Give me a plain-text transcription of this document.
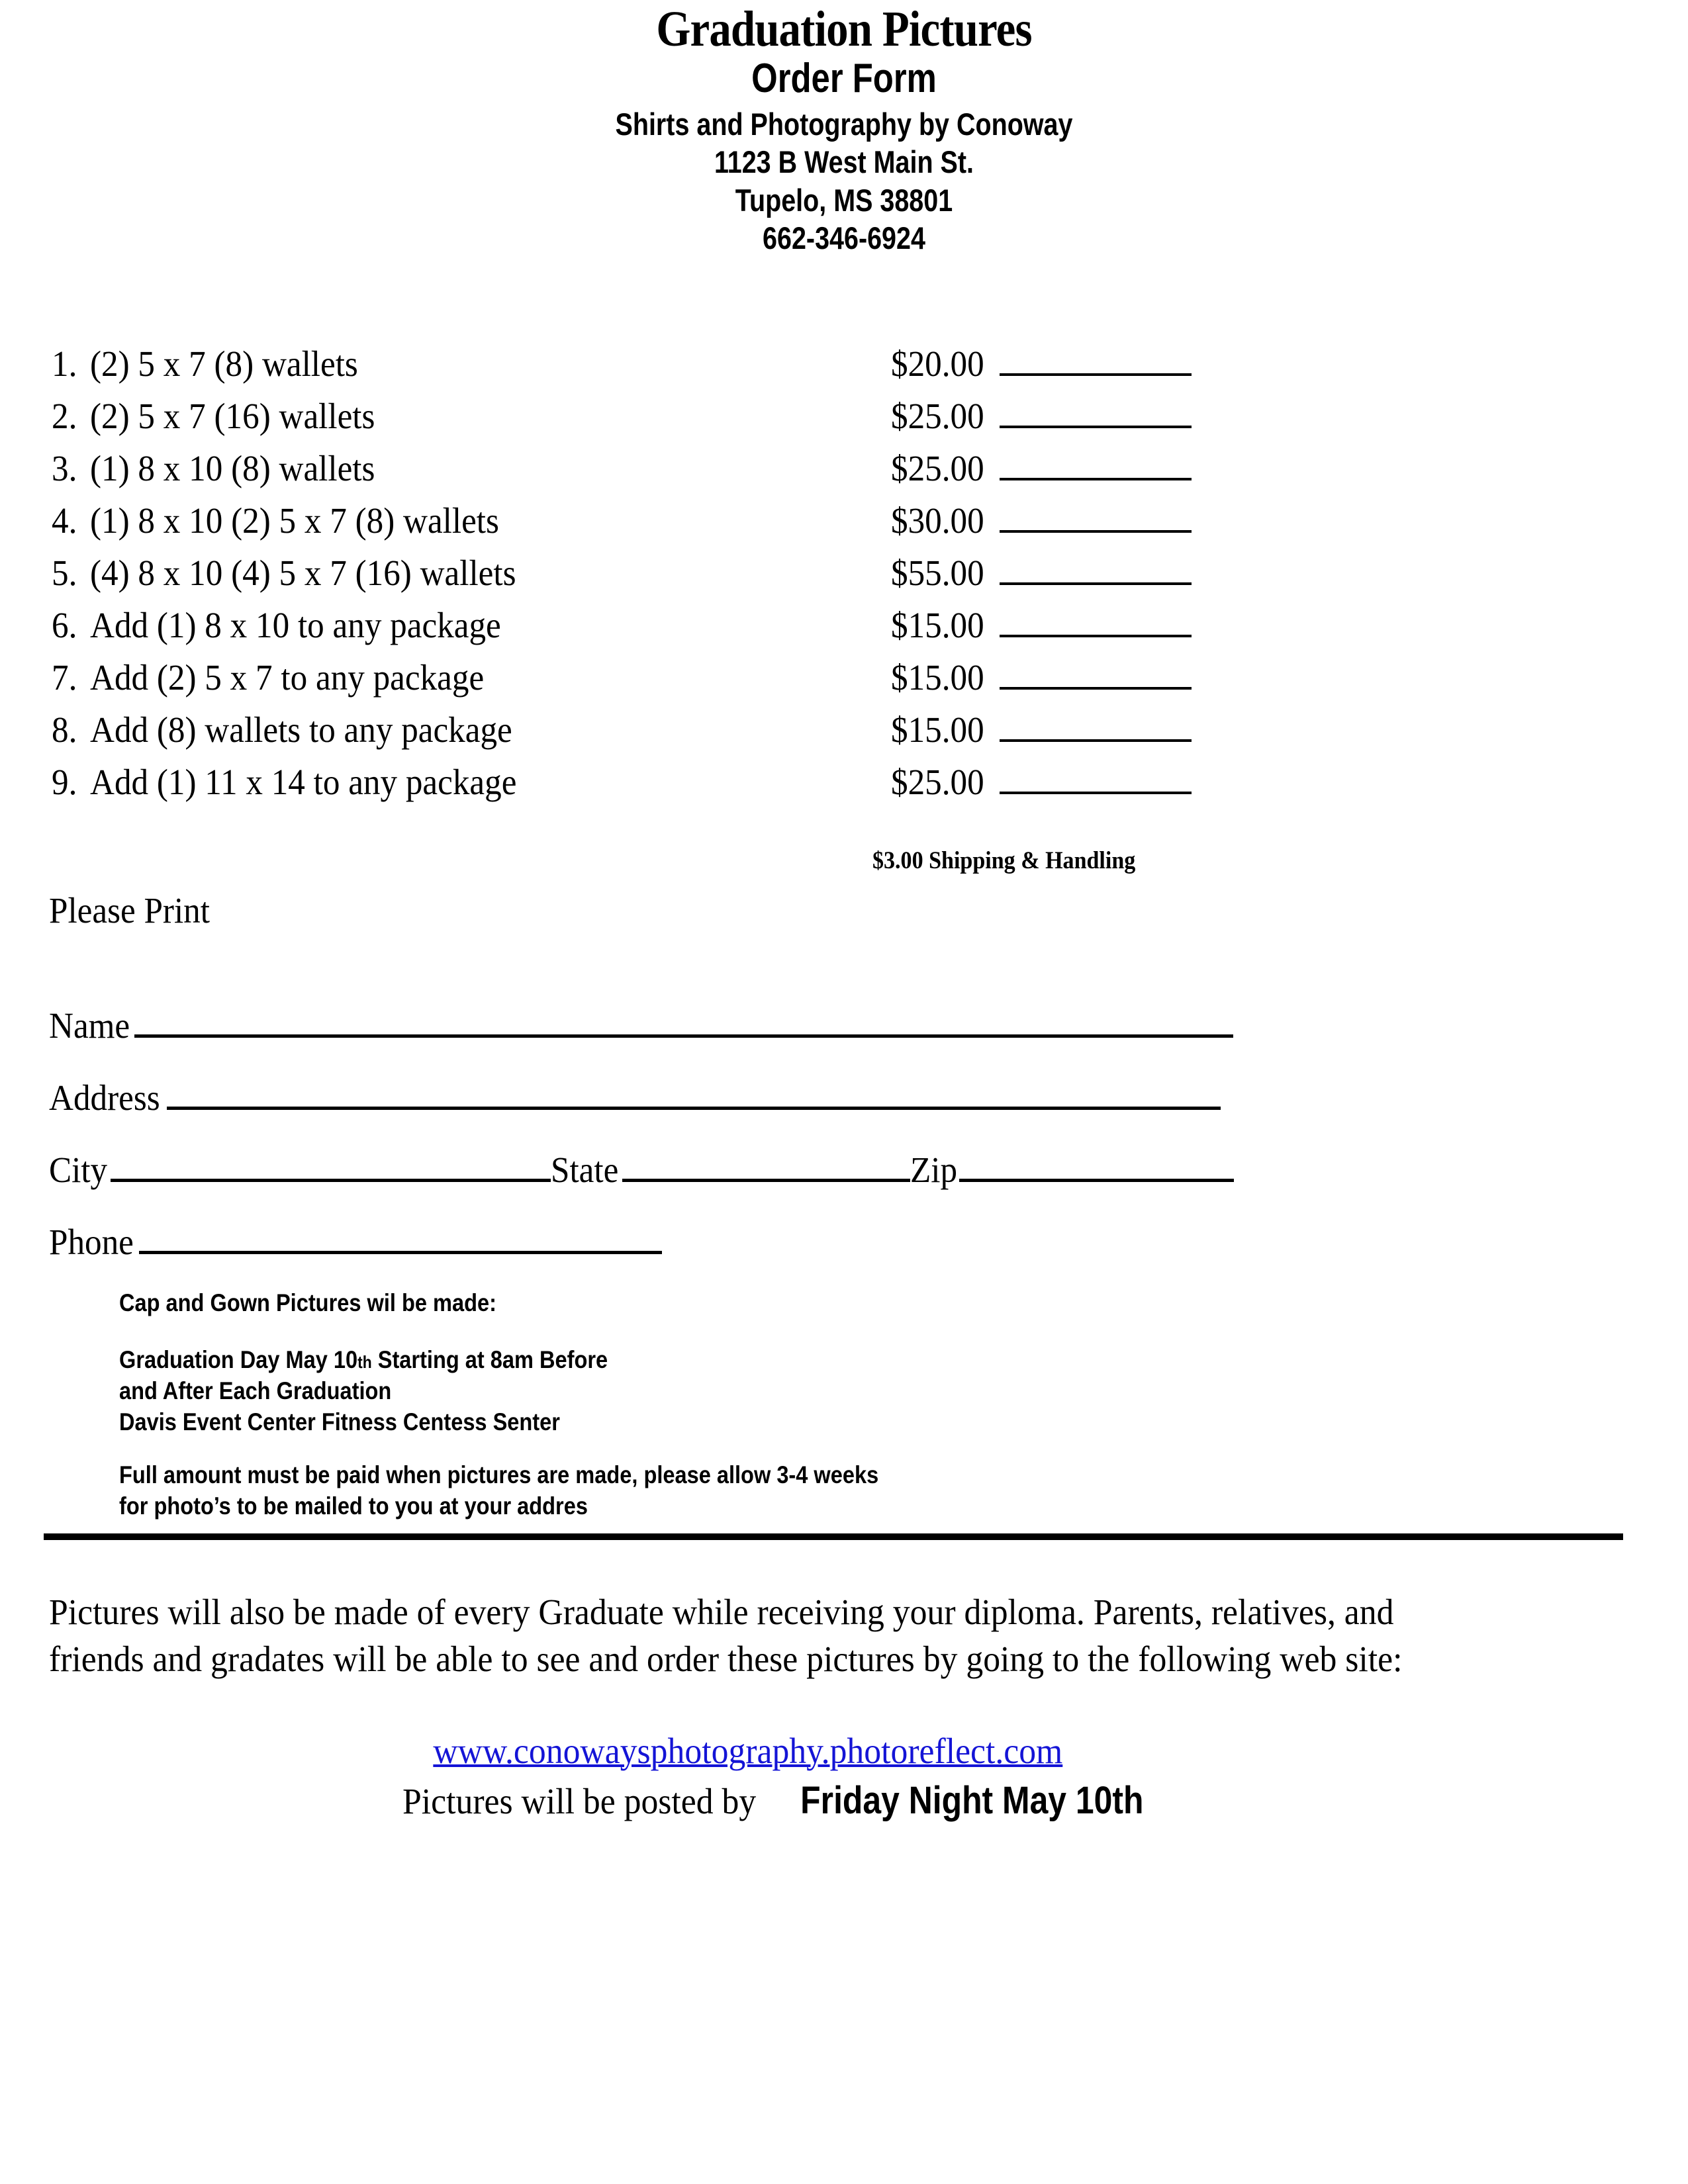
Graduation Pictures
Order Form
Shirts and Photography by Conoway
1123 B West Main St.
Tupelo, MS 38801
662-346-6924
1. (2) 5 x 7 (8) wallets	$20.00
2. (2) 5 x 7 (16) wallets	$25.00
3. (1) 8 x 10 (8) wallets	$25.00
4. (1) 8 x 10 (2) 5 x 7 (8) wallets	$30.00
5. (4) 8 x 10 (4) 5 x 7 (16) wallets	$55.00
6. Add (1) 8 x 10 to any package	$15.00
7. Add (2) 5 x 7 to any package	$15.00
8. Add (8) wallets to any package	$15.00
9. Add (1) 11 x 14 to any package	$25.00
$3.00 Shipping & Handling
Please Print
Name
Address
City	State	Zip
Phone
Cap and Gown Pictures wil be made:
Graduation Day May 10th Starting at 8am Before
and After Each Graduation
Davis Event Center Fitness Centess Senter
Full amount must be paid when pictures are made, please allow 3-4 weeks
for photo’s to be mailed to you at your addres
Pictures will also be made of every Graduate while receiving your diploma. Parents, relatives, and
friends and gradates will be able to see and order these pictures by going to the following web site:
www.conowaysphotography.photoreflect.com
Pictures will be posted by Friday Night May 10th
